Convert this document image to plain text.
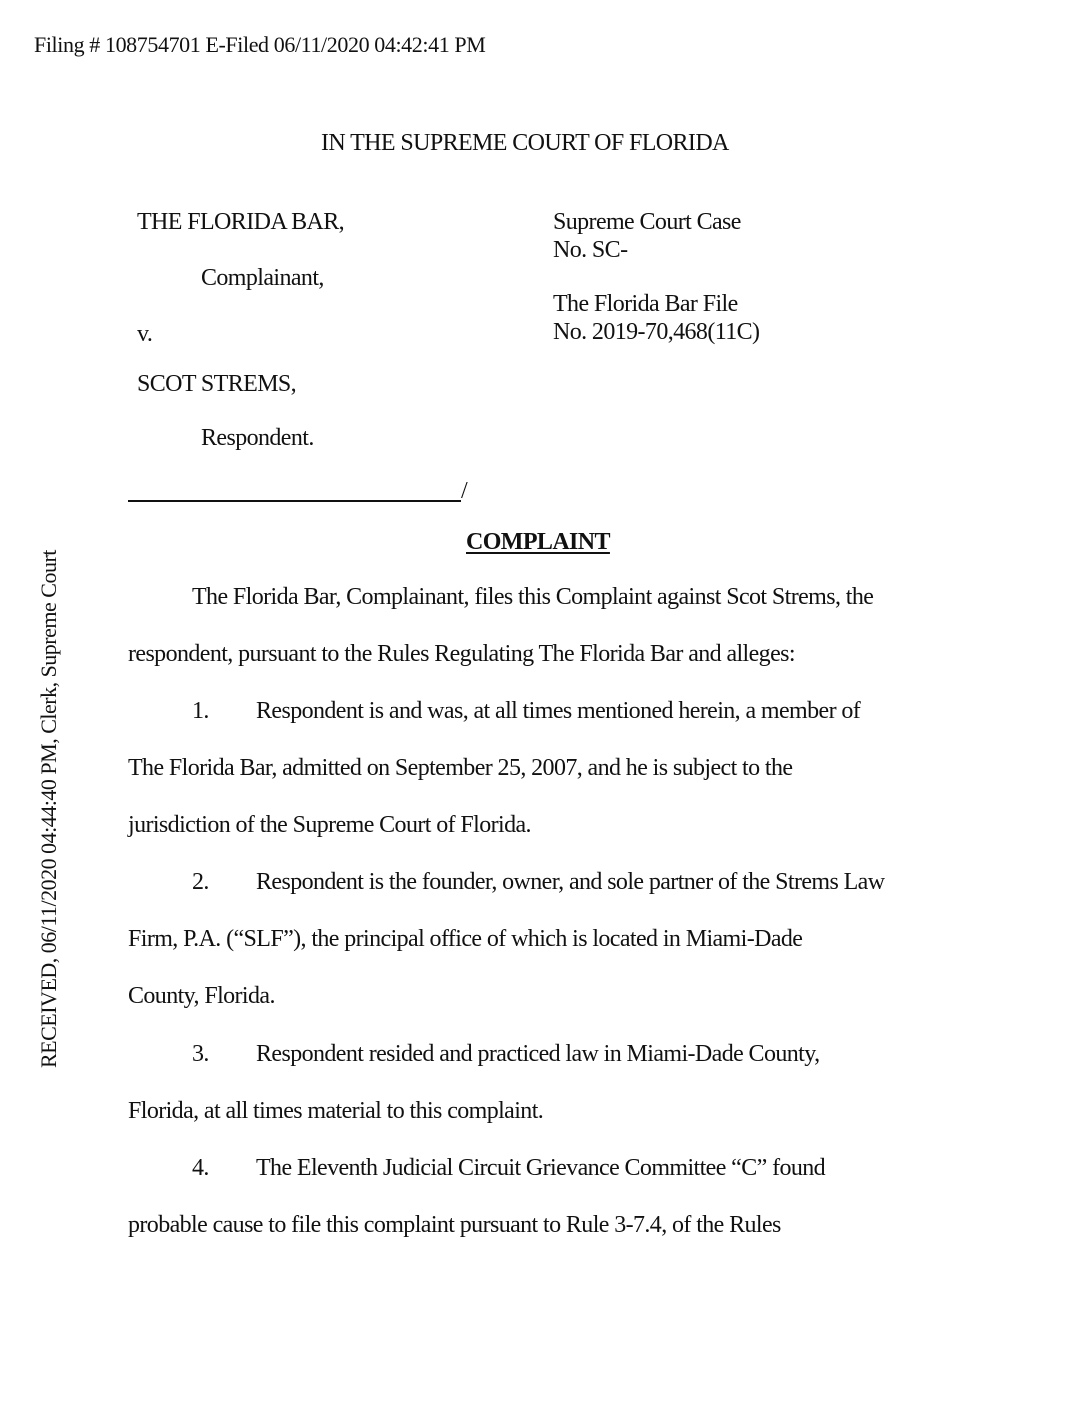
Filing # 108754701 E-Filed 06/11/2020 04:42:41 PM
RECEIVED, 06/11/2020 04:44:40 PM, Clerk, Supreme Court
IN THE SUPREME COURT OF FLORIDA
THE FLORIDA BAR,
Complainant,
v.
SCOT STREMS,
Respondent.
Supreme Court Case
No. SC-
The Florida Bar File
No. 2019-70,468(11C)
/
COMPLAINT
The Florida Bar, Complainant, files this Complaint against Scot Strems, the
respondent, pursuant to the Rules Regulating The Florida Bar and alleges:
1. Respondent is and was, at all times mentioned herein, a member of
The Florida Bar, admitted on September 25, 2007, and he is subject to the
jurisdiction of the Supreme Court of Florida.
2. Respondent is the founder, owner, and sole partner of the Strems Law
Firm, P.A. (“SLF”), the principal office of which is located in Miami-Dade
County, Florida.
3. Respondent resided and practiced law in Miami-Dade County,
Florida, at all times material to this complaint.
4. The Eleventh Judicial Circuit Grievance Committee “C” found
probable cause to file this complaint pursuant to Rule 3-7.4, of the Rules
